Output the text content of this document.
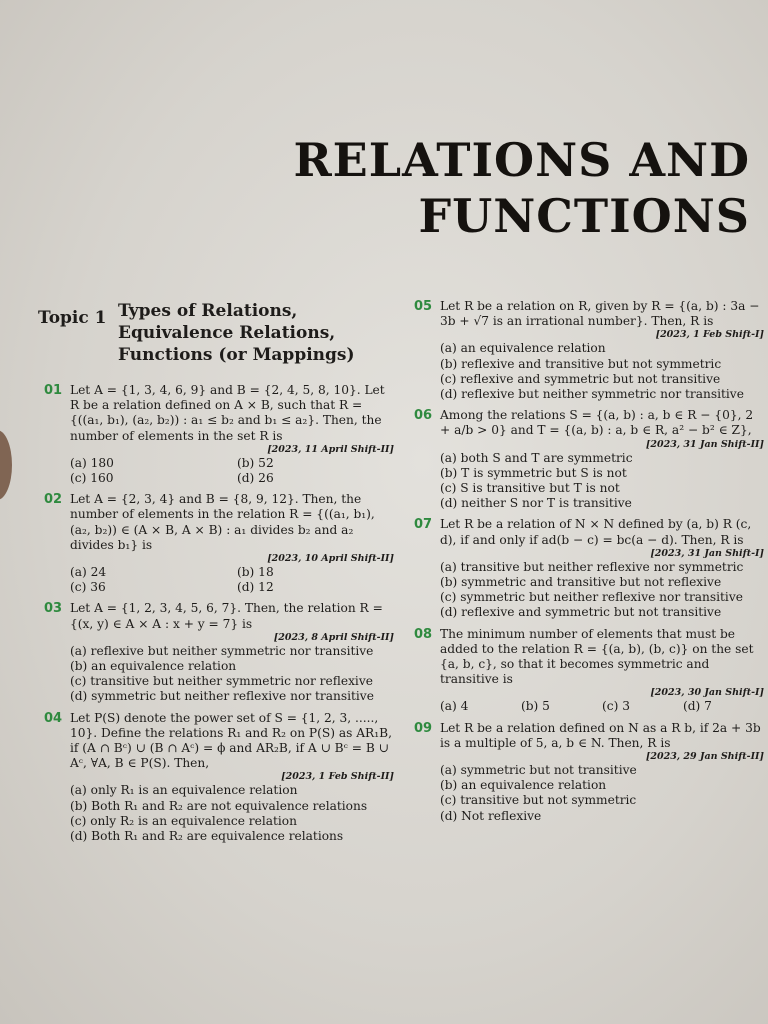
RELATIONS AND
FUNCTIONS
Topic 1 Types of Relations,
Equivalence Relations,
Functions (or Mappings)
01 Let A = {1, 3, 4, 6, 9} and B = {2, 4, 5, 8, 10}. Let R be a relation defined on A × B, such that R = {((a₁, b₁), (a₂, b₂)) : a₁ ≤ b₂ and b₁ ≤ a₂}. Then, the number of elements in the set R is
[2023, 11 April Shift-II]
(a) 180	(b) 52
(c) 160	(d) 26
02 Let A = {2, 3, 4} and B = {8, 9, 12}. Then, the number of elements in the relation R = {((a₁, b₁), (a₂, b₂)) ∈ (A × B, A × B) : a₁ divides b₂ and a₂ divides b₁} is
[2023, 10 April Shift-II]
(a) 24	(b) 18
(c) 36	(d) 12
03 Let A = {1, 2, 3, 4, 5, 6, 7}. Then, the relation R = {(x, y) ∈ A × A : x + y = 7} is
[2023, 8 April Shift-II]
(a) reflexive but neither symmetric nor transitive
(b) an equivalence relation
(c) transitive but neither symmetric nor reflexive
(d) symmetric but neither reflexive nor transitive
04 Let P(S) denote the power set of S = {1, 2, 3, ....., 10}. Define the relations R₁ and R₂ on P(S) as AR₁B, if (A ∩ Bᶜ) ∪ (B ∩ Aᶜ) = ϕ and AR₂B, if A ∪ Bᶜ = B ∪ Aᶜ, ∀A, B ∈ P(S). Then,
[2023, 1 Feb Shift-II]
(a) only R₁ is an equivalence relation
(b) Both R₁ and R₂ are not equivalence relations
(c) only R₂ is an equivalence relation
(d) Both R₁ and R₂ are equivalence relations
05 Let R be a relation on R, given by R = {(a, b) : 3a − 3b + √7 is an irrational number}. Then, R is
[2023, 1 Feb Shift-I]
(a) an equivalence relation
(b) reflexive and transitive but not symmetric
(c) reflexive and symmetric but not transitive
(d) reflexive but neither symmetric nor transitive
06 Among the relations S = {(a, b) : a, b ∈ R − {0}, 2 + a/b > 0} and T = {(a, b) : a, b ∈ R, a² − b² ∈ Z},
[2023, 31 Jan Shift-II]
(a) both S and T are symmetric
(b) T is symmetric but S is not
(c) S is transitive but T is not
(d) neither S nor T is transitive
07 Let R be a relation of N × N defined by (a, b) R (c, d), if and only if ad(b − c) = bc(a − d). Then, R is
[2023, 31 Jan Shift-I]
(a) transitive but neither reflexive nor symmetric
(b) symmetric and transitive but not reflexive
(c) symmetric but neither reflexive nor transitive
(d) reflexive and symmetric but not transitive
08 The minimum number of elements that must be added to the relation R = {(a, b), (b, c)} on the set {a, b, c}, so that it becomes symmetric and transitive is
[2023, 30 Jan Shift-I]
(a) 4	(b) 5	(c) 3	(d) 7
09 Let R be a relation defined on N as a R b, if 2a + 3b is a multiple of 5, a, b ∈ N. Then, R is
[2023, 29 Jan Shift-II]
(a) symmetric but not transitive
(b) an equivalence relation
(c) transitive but not symmetric
(d) Not reflexive
